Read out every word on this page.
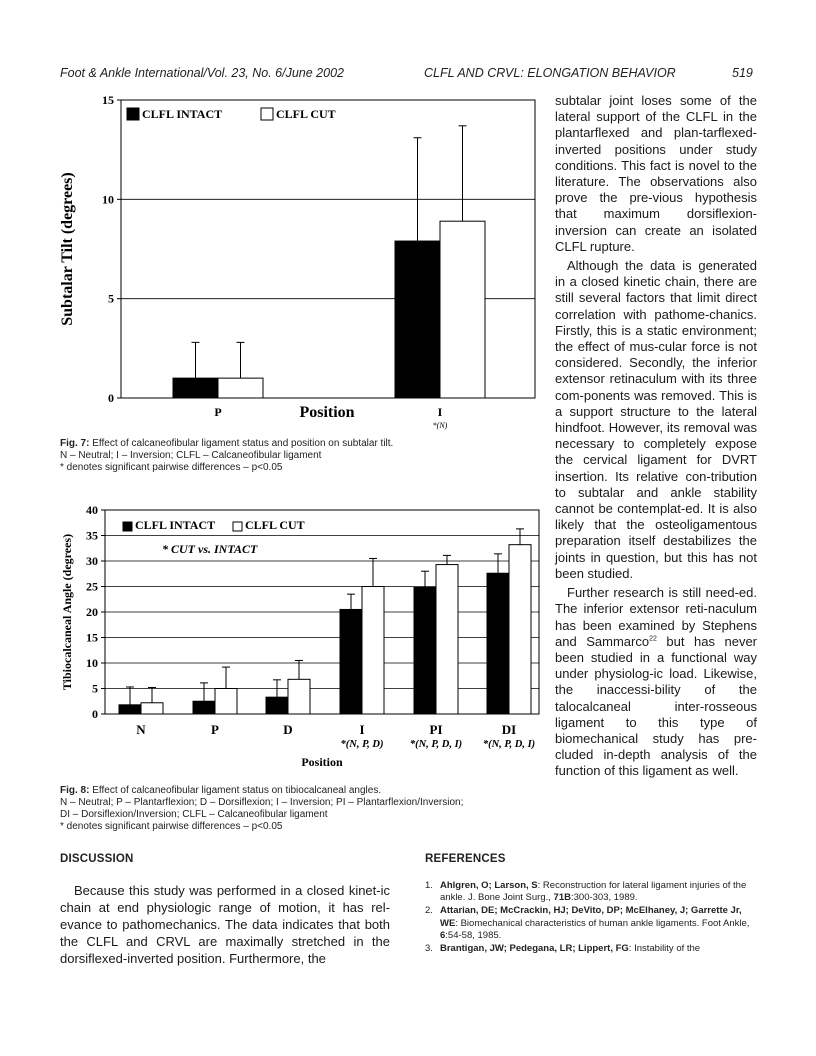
Foot & Ankle International/Vol. 23, No. 6/June 2002	CLFL AND CRVL: ELONGATION BEHAVIOR	519
0
5
10
15
P	I
*(N)
Position
Subtalar Tilt (degrees)
CLFL INTACT	CLFL CUT
Fig. 7: Effect of calcaneofibular ligament status and position on subtalar tilt.
N – Neutral; I – Inversion; CLFL – Calcaneofibular ligament
* denotes significant pairwise differences – p<0.05
0
5
10
15
20
25
30
35
40
N	P	D	I
*(N, P, D)
PI
*(N, P, D, I)
DI
*(N, P, D, I)
Position
Tibiocalcaneal Angle (degrees)
CLFL INTACT CLFL CUT
* CUT vs. INTACT
Fig. 8: Effect of calcaneofibular ligament status on tibiocalcaneal angles.
N – Neutral; P – Plantarflexion; D – Dorsiflexion; I – Inversion; PI – Plantarflexion/Inversion;
DI – Dorsiflexion/Inversion; CLFL – Calcaneofibular ligament
* denotes significant pairwise differences – p<0.05

subtalar joint loses some of the lateral support of the CLFL in the plantarflexed and plan-tarflexed-inverted positions under study conditions. This fact is novel to the literature. The observations also prove the pre-vious hypothesis that maximum dorsiflexion-inversion can create an isolated CLFL rupture.

Although the data is generated in a closed kinetic chain, there are still several factors that limit direct correlation with pathome-chanics. Firstly, this is a static environment; the effect of mus-cular force is not considered. Secondly, the inferior extensor retinaculum with its three com-ponents was removed. This is a support structure to the lateral hindfoot. However, its removal was necessary to completely expose the cervical ligament for DVRT insertion. Its relative con-tribution to subtalar and ankle stability cannot be contemplat-ed. It is also likely that the osteoligamentous preparation itself destabilizes the joints in question, but this has not been studied.

Further research is still need-ed. The inferior extensor reti-naculum has been examined by Stephens and Sammarco$^{22}$ but has never been studied in a functional way under physiolog-ic load. Likewise, the inaccessi-bility of the talocalcaneal inter-rosseous ligament to this type of biomechanical study has pre-cluded in-depth analysis of the function of this ligament as well.

DISCUSSION

Because this study was performed in a closed kinet-ic chain at end physiologic range of motion, it has rel-evance to pathomechanics. The data indicates that both the CLFL and CRVL are maximally stretched in the dorsiflexed-inverted position. Furthermore, the

REFERENCES
1. Ahlgren, O; Larson, S: Reconstruction for lateral ligament injuries of the ankle. J. Bone Joint Surg., 71B:300-303, 1989.
2. Attarian, DE; McCrackin, HJ; DeVito, DP; McElhaney, J; Garrette Jr, WE: Biomechanical characteristics of human ankle ligaments. Foot Ankle, 6:54-58, 1985.
3. Brantigan, JW; Pedegana, LR; Lippert, FG: Instability of the
